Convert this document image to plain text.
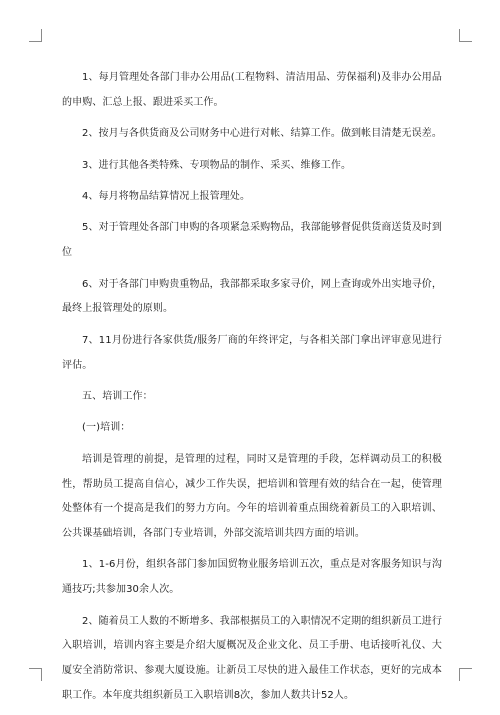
1、每月管理处各部门非办公用品(工程物料、清洁用品、劳保福利)及非办公用品的申购、汇总上报、跟进采买工作。

2、按月与各供货商及公司财务中心进行对帐、结算工作。做到帐目清楚无误差。

3、进行其他各类特殊、专项物品的制作、采买、维修工作。

4、每月将物品结算情况上报管理处。

5、对于管理处各部门申购的各项紧急采购物品，我部能够督促供货商送货及时到位

6、对于各部门申购贵重物品，我部都采取多家寻价，网上查询或外出实地寻价，最终上报管理处的原则。

7、11月份进行各家供货/服务厂商的年终评定，与各相关部门拿出评审意见进行评估。

五、培训工作：

(一)培训：

培训是管理的前提，是管理的过程，同时又是管理的手段，怎样调动员工的积极性，帮助员工提高自信心，减少工作失误，把培训和管理有效的结合在一起，使管理处整体有一个提高是我们的努力方向。今年的培训着重点围绕着新员工的入职培训、公共课基础培训，各部门专业培训，外部交流培训共四方面的培训。

1、1-6月份，组织各部门参加国贸物业服务培训五次，重点是对客服务知识与沟通技巧;共参加30余人次。

2、随着员工人数的不断增多、我部根据员工的入职情况不定期的组织新员工进行入职培训，培训内容主要是介绍大厦概况及企业文化、员工手册、电话接听礼仪、大厦安全消防常识、参观大厦设施。让新员工尽快的进入最佳工作状态，更好的完成本职工作。本年度共组织新员工入职培训8次，参加人数共计52人。
